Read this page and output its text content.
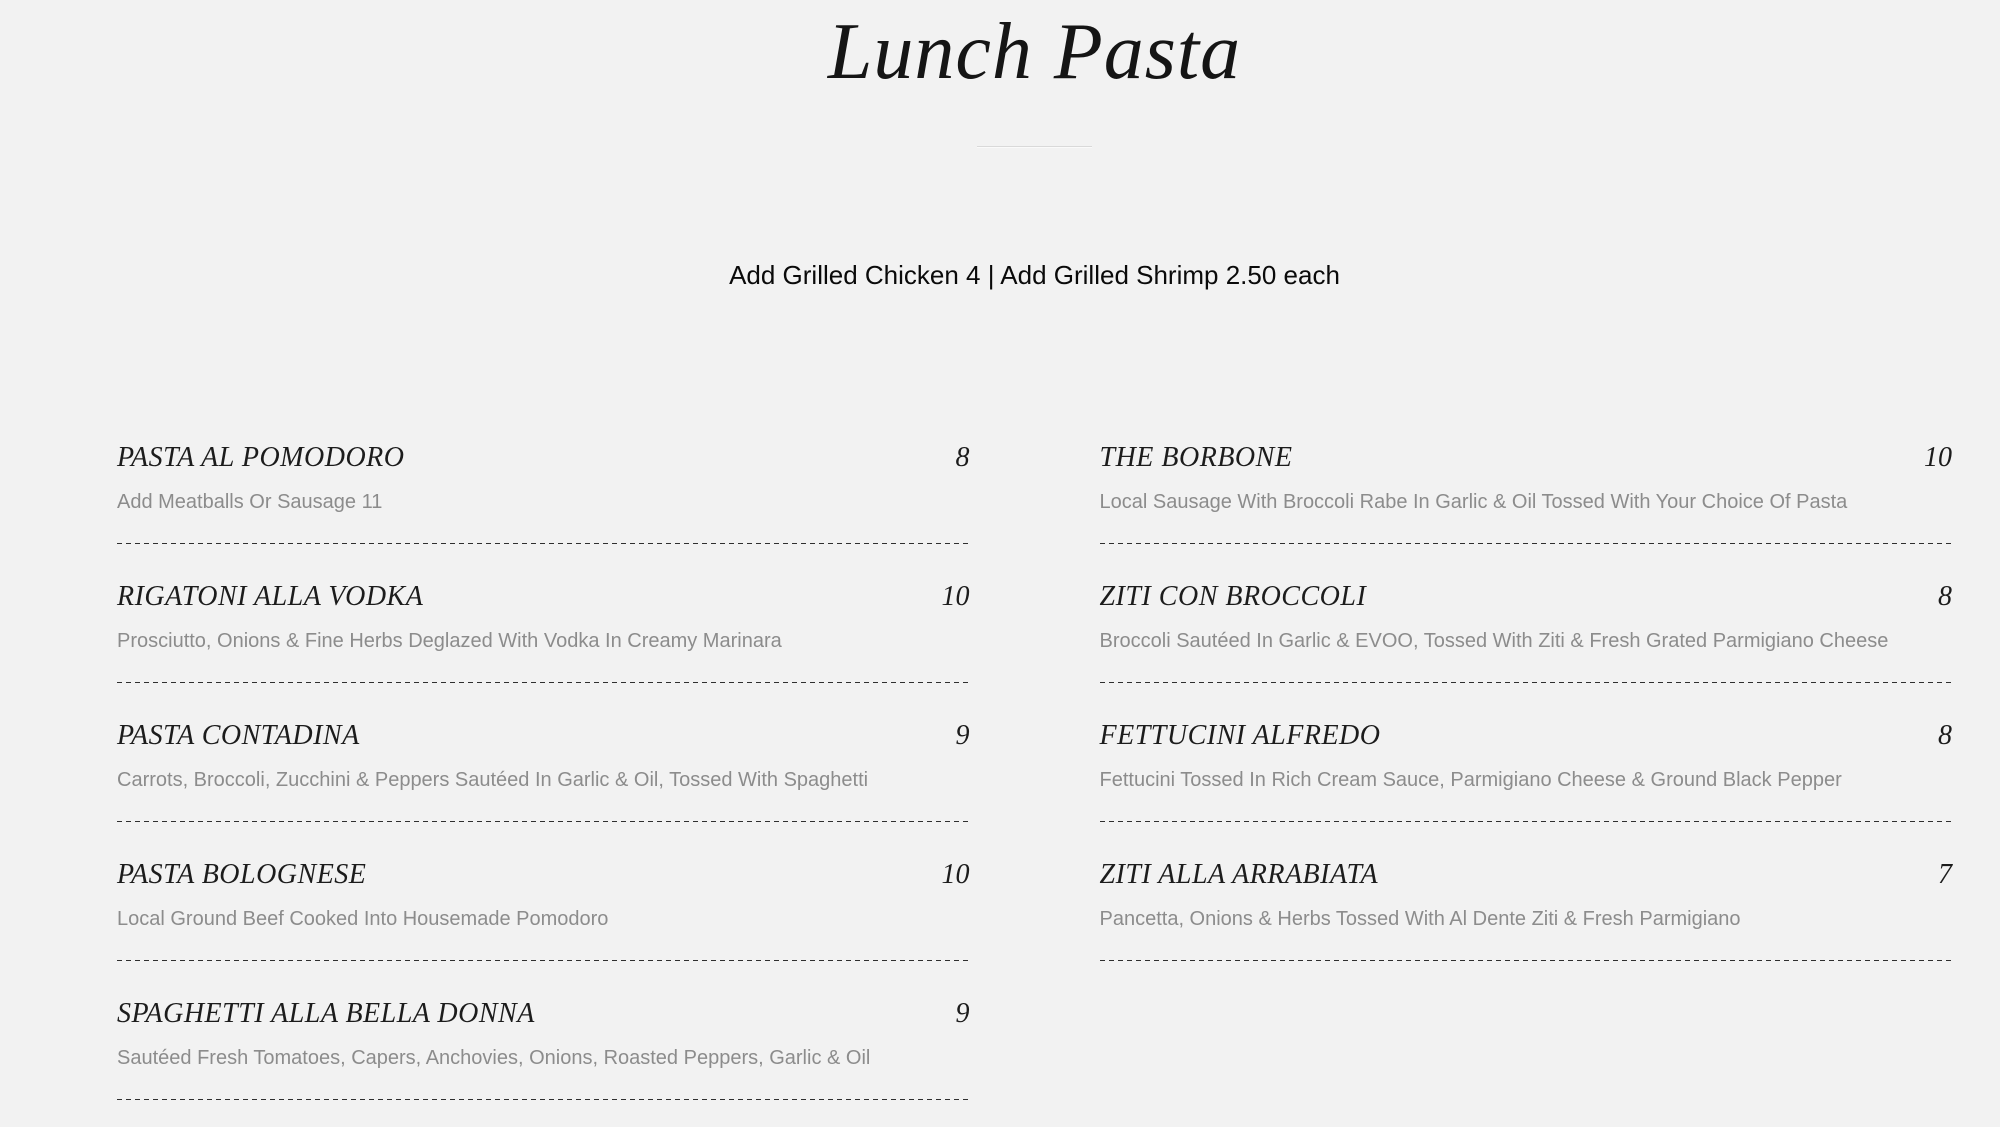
Lunch Pasta

Add Grilled Chicken 4 | Add Grilled Shrimp 2.50 each

PASTA AL POMODORO	8
Add Meatballs Or Sausage 11
RIGATONI ALLA VODKA	10
Prosciutto, Onions & Fine Herbs Deglazed With Vodka In Creamy Marinara
PASTA CONTADINA	9
Carrots, Broccoli, Zucchini & Peppers Sautéed In Garlic & Oil, Tossed With Spaghetti
PASTA BOLOGNESE	10
Local Ground Beef Cooked Into Housemade Pomodoro
SPAGHETTI ALLA BELLA DONNA	9
Sautéed Fresh Tomatoes, Capers, Anchovies, Onions, Roasted Peppers, Garlic & Oil
THE BORBONE	10
Local Sausage With Broccoli Rabe In Garlic & Oil Tossed With Your Choice Of Pasta
ZITI CON BROCCOLI	8
Broccoli Sautéed In Garlic & EVOO, Tossed With Ziti & Fresh Grated Parmigiano Cheese
FETTUCINI ALFREDO	8
Fettucini Tossed In Rich Cream Sauce, Parmigiano Cheese & Ground Black Pepper
ZITI ALLA ARRABIATA	7
Pancetta, Onions & Herbs Tossed With Al Dente Ziti & Fresh Parmigiano
